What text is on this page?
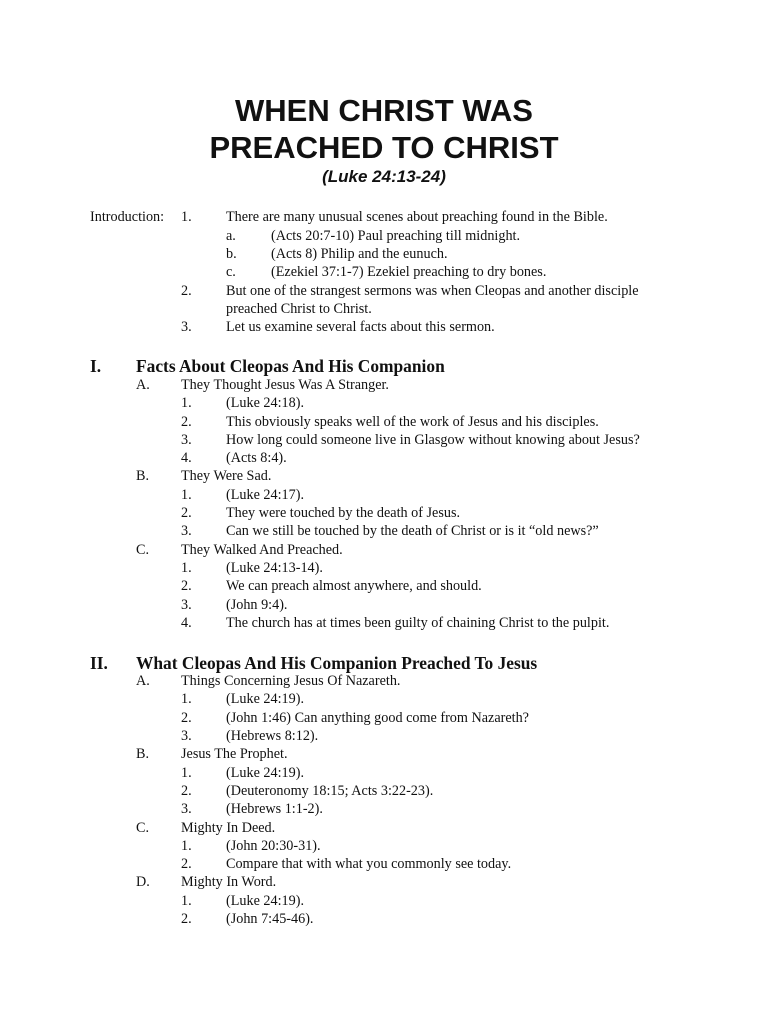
WHEN CHRIST WAS
PREACHED TO CHRIST

(Luke 24:13-24)

Introduction: 1. There are many unusual scenes about preaching found in the Bible.

a. (Acts 20:7-10) Paul preaching till midnight.

b. (Acts 8) Philip and the eunuch.

c. (Ezekiel 37:1-7) Ezekiel preaching to dry bones.

2. But one of the strangest sermons was when Cleopas and another disciple

preached Christ to Christ.

3. Let us examine several facts about this sermon.

I. Facts About Cleopas And His Companion

A. They Thought Jesus Was A Stranger.

1. (Luke 24:18).

2. This obviously speaks well of the work of Jesus and his disciples.

3. How long could someone live in Glasgow without knowing about Jesus?

4. (Acts 8:4).

B. They Were Sad.

1. (Luke 24:17).

2. They were touched by the death of Jesus.

3. Can we still be touched by the death of Christ or is it “old news?”

C. They Walked And Preached.

1. (Luke 24:13-14).

2. We can preach almost anywhere, and should.

3. (John 9:4).

4. The church has at times been guilty of chaining Christ to the pulpit.

II. What Cleopas And His Companion Preached To Jesus

A. Things Concerning Jesus Of Nazareth.

1. (Luke 24:19).

2. (John 1:46) Can anything good come from Nazareth?

3. (Hebrews 8:12).

B. Jesus The Prophet.

1. (Luke 24:19).

2. (Deuteronomy 18:15; Acts 3:22-23).

3. (Hebrews 1:1-2).

C. Mighty In Deed.

1. (John 20:30-31).

2. Compare that with what you commonly see today.

D. Mighty In Word.

1. (Luke 24:19).

2. (John 7:45-46).
